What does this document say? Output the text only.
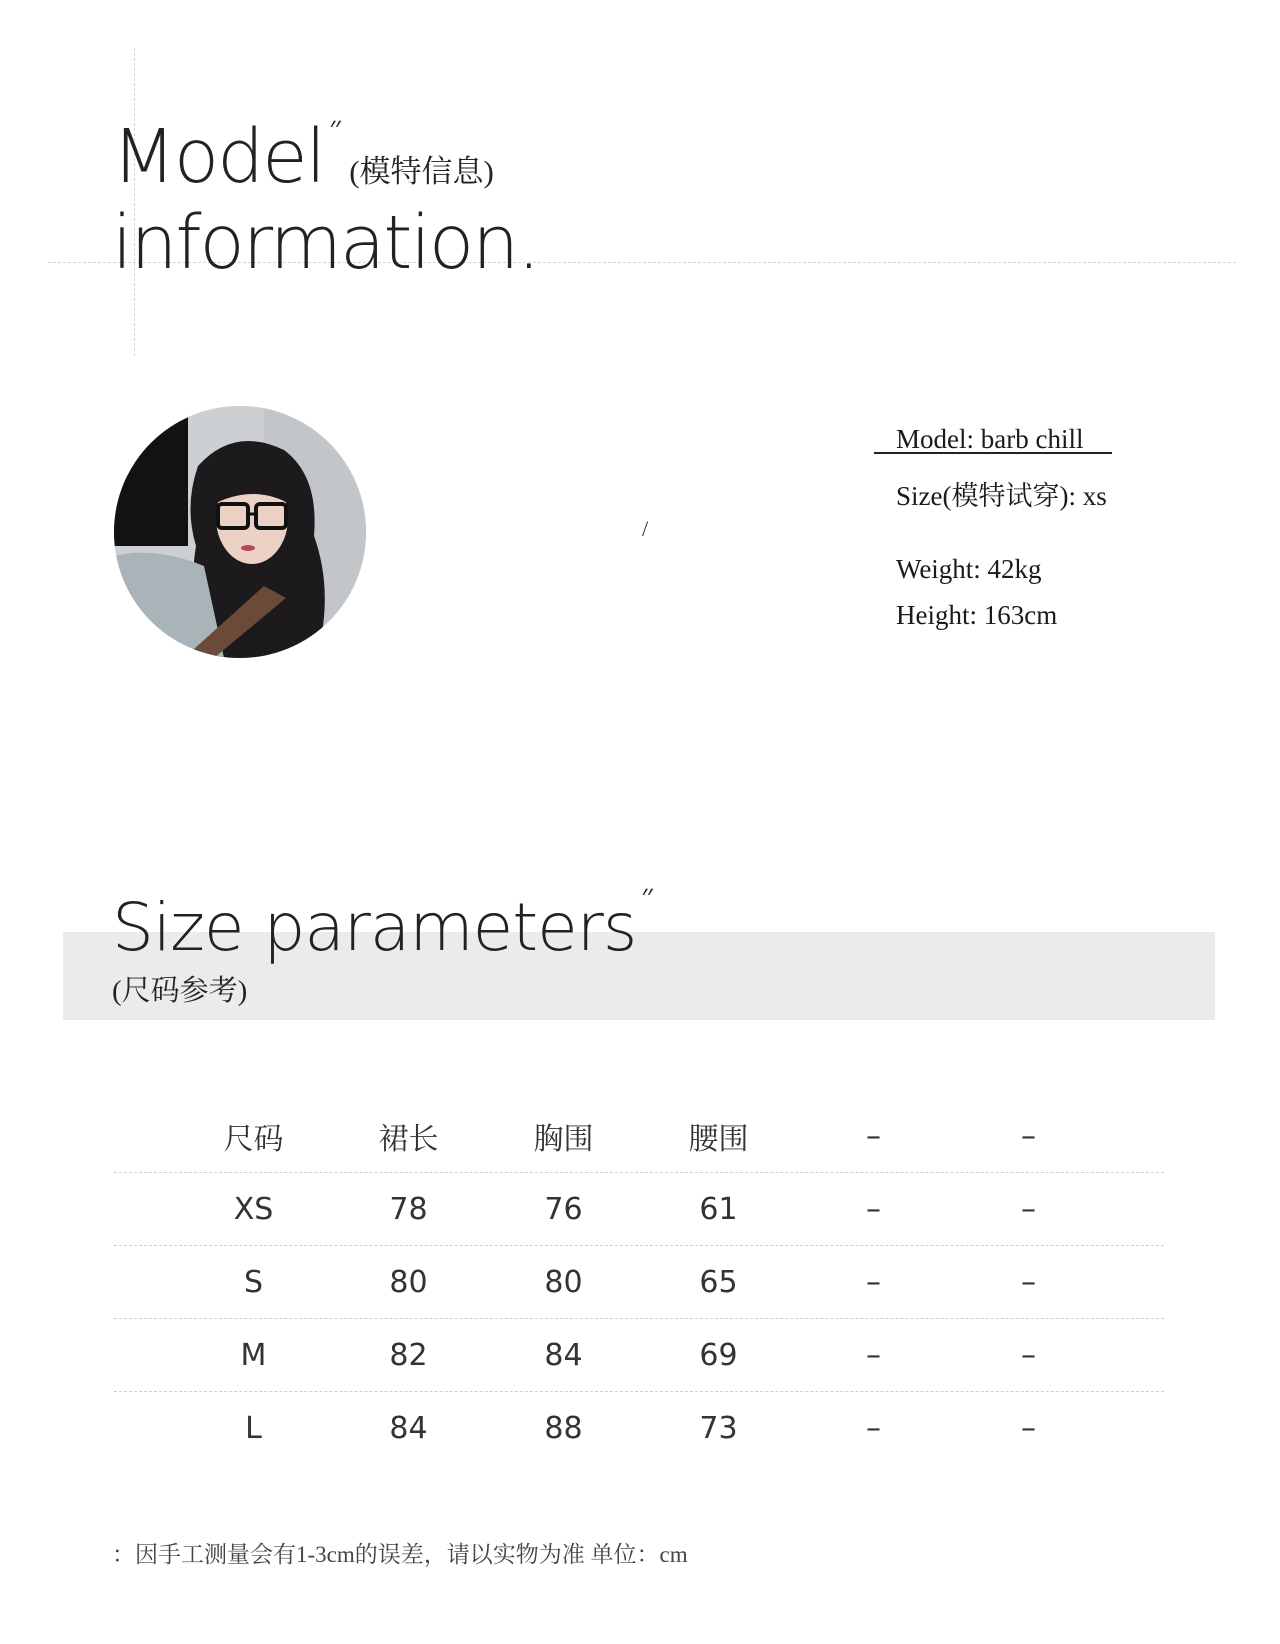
Model˝(模特信息)
information.
/
Model: barb chill
Size(模特试穿): xs
Weight: 42kg
Height: 163cm
Size parameters˝
(尺码参考)
尺码	裙长	胸围	腰围	–	–
XS	78	76	61	–	–
S	80	80	65	–	–
M	82	84	69	–	–
L	84	88	73	–	–
：因手工测量会有1-3cm的误差，请以实物为准 单位：cm
